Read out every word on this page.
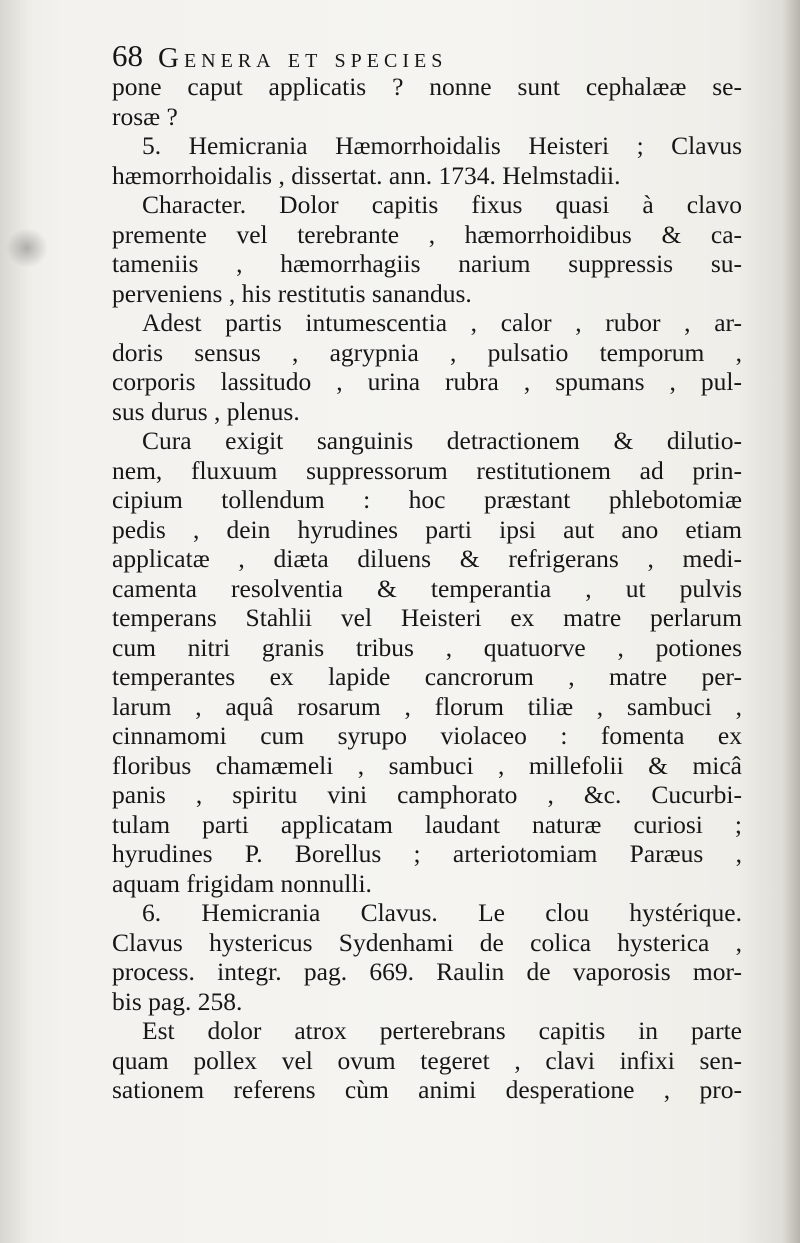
68 Genera et species
pone caput applicatis ? nonne sunt cephalææ se-
rosæ ?
5. Hemicrania Hæmorrhoidalis Heisteri ; Clavus
hæmorrhoidalis , dissertat. ann. 1734. Helmstadii.
Character. Dolor capitis fixus quasi à clavo
premente vel terebrante , hæmorrhoidibus & ca-
tameniis , hæmorrhagiis narium suppressis su-
perveniens , his restitutis sanandus.
Adest partis intumescentia , calor , rubor , ar-
doris sensus , agrypnia , pulsatio temporum ,
corporis lassitudo , urina rubra , spumans , pul-
sus durus , plenus.
Cura exigit sanguinis detractionem & dilutio-
nem, fluxuum suppressorum restitutionem ad prin-
cipium tollendum : hoc præstant phlebotomiæ
pedis , dein hyrudines parti ipsi aut ano etiam
applicatæ , diæta diluens & refrigerans , medi-
camenta resolventia & temperantia , ut pulvis
temperans Stahlii vel Heisteri ex matre perlarum
cum nitri granis tribus , quatuorve , potiones
temperantes ex lapide cancrorum , matre per-
larum , aquâ rosarum , florum tiliæ , sambuci ,
cinnamomi cum syrupo violaceo : fomenta ex
floribus chamæmeli , sambuci , millefolii & micâ
panis , spiritu vini camphorato , &c. Cucurbi-
tulam parti applicatam laudant naturæ curiosi ;
hyrudines P. Borellus ; arteriotomiam Paræus ,
aquam frigidam nonnulli.
6. Hemicrania Clavus. Le clou hystérique.
Clavus hystericus Sydenhami de colica hysterica ,
process. integr. pag. 669. Raulin de vaporosis mor-
bis pag. 258.
Est dolor atrox perterebrans capitis in parte
quam pollex vel ovum tegeret , clavi infixi sen-
sationem referens cùm animi desperatione , pro-
